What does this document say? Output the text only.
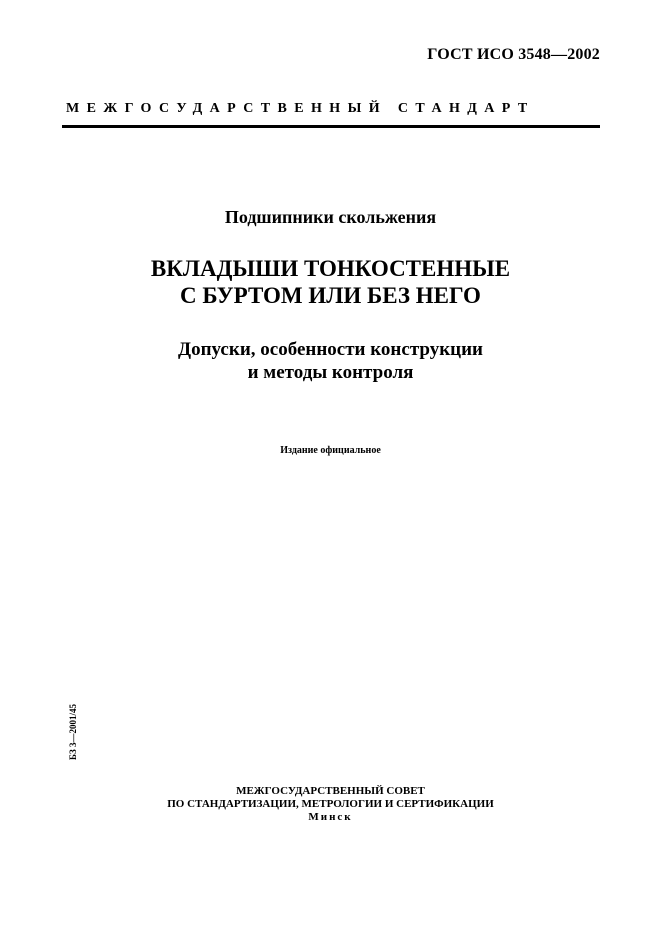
ГОСТ ИСО 3548—2002
МЕЖГОСУДАРСТВЕННЫЙ СТАНДАРТ
Подшипники скольжения
ВКЛАДЫШИ ТОНКОСТЕННЫЕ
С БУРТОМ ИЛИ БЕЗ НЕГО
Допуски, особенности конструкции
и методы контроля
Издание официальное
БЗ 3—2001/45
МЕЖГОСУДАРСТВЕННЫЙ СОВЕТ
ПО СТАНДАРТИЗАЦИИ, МЕТРОЛОГИИ И СЕРТИФИКАЦИИ
Минск
